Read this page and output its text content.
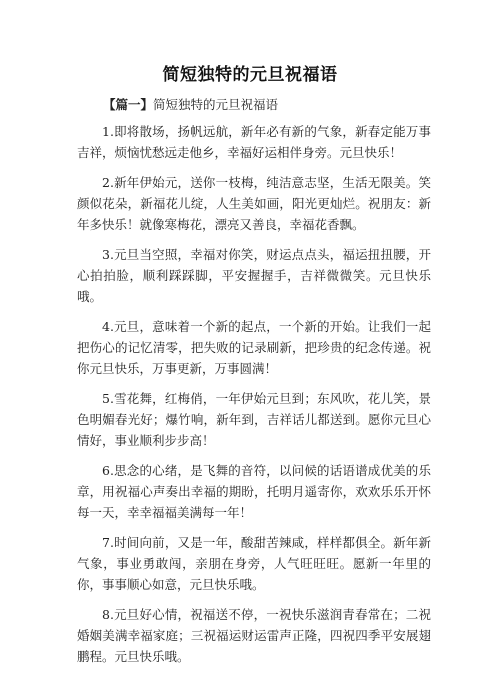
简短独特的元旦祝福语
【篇一】简短独特的元旦祝福语

1.即将散场，扬帆远航，新年必有新的气象，新春定能万事吉祥，烦恼忧愁远走他乡，幸福好运相伴身旁。元旦快乐！

2.新年伊始元，送你一枝梅，纯洁意志坚，生活无限美。笑颜似花朵，新福花儿绽，人生美如画，阳光更灿烂。祝朋友：新年多快乐！就像寒梅花，漂亮又善良，幸福花香飘。

3.元旦当空照，幸福对你笑，财运点点头，福运扭扭腰，开心拍拍脸，顺利踩踩脚，平安握握手，吉祥微微笑。元旦快乐哦。

4.元旦，意味着一个新的起点，一个新的开始。让我们一起把伤心的记忆清零，把失败的记录刷新，把珍贵的纪念传递。祝你元旦快乐，万事更新，万事圆满！

5.雪花舞，红梅俏，一年伊始元旦到；东风吹，花儿笑，景色明媚春光好；爆竹响，新年到，吉祥话儿都送到。愿你元旦心情好，事业顺利步步高！

6.思念的心绪，是飞舞的音符，以问候的话语谱成优美的乐章，用祝福心声奏出幸福的期盼，托明月遥寄你，欢欢乐乐开怀每一天，幸幸福福美满每一年！

7.时间向前，又是一年，酸甜苦辣咸，样样都俱全。新年新气象，事业勇敢闯，亲朋在身旁，人气旺旺旺。愿新一年里的你，事事顺心如意，元旦快乐哦。

8.元旦好心情，祝福送不停，一祝快乐滋润青春常在；二祝婚姻美满幸福家庭；三祝福运财运雷声正隆，四祝四季平安展翅鹏程。元旦快乐哦。
